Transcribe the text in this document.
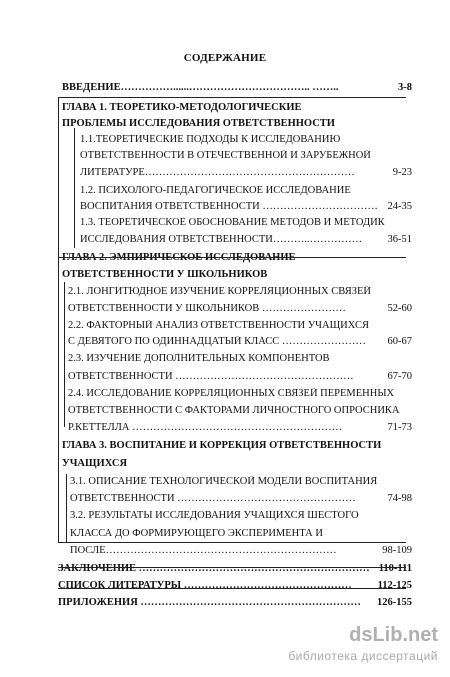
СОДЕРЖАНИЕ
ВВЕДЕНИЕ……………......…………………………….. ……..	3-8
ГЛАВА 1. ТЕОРЕТИКО-МЕТОДОЛОГИЧЕСКИЕ
ПРОБЛЕМЫ ИССЛЕДОВАНИЯ ОТВЕТСТВЕННОСТИ
1.1.ТЕОРЕТИЧЕСКИЕ ПОДХОДЫ К ИССЛЕДОВАНИЮ
ОТВЕТСТВЕННОСТИ В ОТЕЧЕСТВЕННОЙ И ЗАРУБЕЖНОЙ
ЛИТЕРАТУРЕ……………………………………………………	9-23
1.2. ПСИХОЛОГО-ПЕДАГОГИЧЕСКОЕ ИССЛЕДОВАНИЕ
ВОСПИТАНИЯ ОТВЕТСТВЕННОСТИ …………………………… 24-35
1.3. ТЕОРЕТИЧЕСКОЕ ОБОСНОВАНИЕ МЕТОДОВ И МЕТОДИК
ИССЛЕДОВАНИЯ ОТВЕТСТВЕННОСТИ………..…………… 36-51
ГЛАВА 2. ЭМПИРИЧЕСКОЕ ИССЛЕДОВАНИЕ
ОТВЕТСТВЕННОСТИ У ШКОЛЬНИКОВ
2.1. ЛОНГИТЮДНОЕ ИЗУЧЕНИЕ КОРРЕЛЯЦИОННЫХ СВЯЗЕЙ
ОТВЕТСТВЕННОСТИ У ШКОЛЬНИКОВ ……………………	52-60
2.2. ФАКТОРНЫЙ АНАЛИЗ ОТВЕТСТВЕННОСТИ УЧАЩИХСЯ
С ДЕВЯТОГО ПО ОДИННАДЦАТЫЙ КЛАСС …………………… 60-67
2.3. ИЗУЧЕНИЕ ДОПОЛНИТЕЛЬНЫХ КОМПОНЕНТОВ
ОТВЕТСТВЕННОСТИ ……………………………………………	67-70
2.4. ИССЛЕДОВАНИЕ КОРРЕЛЯЦИОННЫХ СВЯЗЕЙ ПЕРЕМЕННЫХ
ОТВЕТСТВЕННОСТИ С ФАКТОРАМИ ЛИЧНОСТНОГО ОПРОСНИКА
Р.КЕТТЕЛЛА ……………………………………………………	71-73
ГЛАВА 3. ВОСПИТАНИЕ И КОРРЕКЦИЯ ОТВЕТСТВЕННОСТИ
УЧАЩИХСЯ
3.1. ОПИСАНИЕ ТЕХНОЛОГИЧЕСКОЙ МОДЕЛИ ВОСПИТАНИЯ
ОТВЕТСТВЕННОСТИ ……………………………………………	74-98
3.2. РЕЗУЛЬТАТЫ ИССЛЕДОВАНИЯ УЧАЩИХСЯ ШЕСТОГО
КЛАССА ДО ФОРМИРУЮЩЕГО ЭКСПЕРИМЕНТА И
ПОСЛЕ…………………………………………………………	98-109
ЗАКЛЮЧЕНИЕ ………………………………………………………… 110-111
СПИСОК ЛИТЕРАТУРЫ ………………………………………… 112-125
ПРИЛОЖЕНИЯ ……………………………………………………… 126-155
dsLib.net
библиотека диссертаций
